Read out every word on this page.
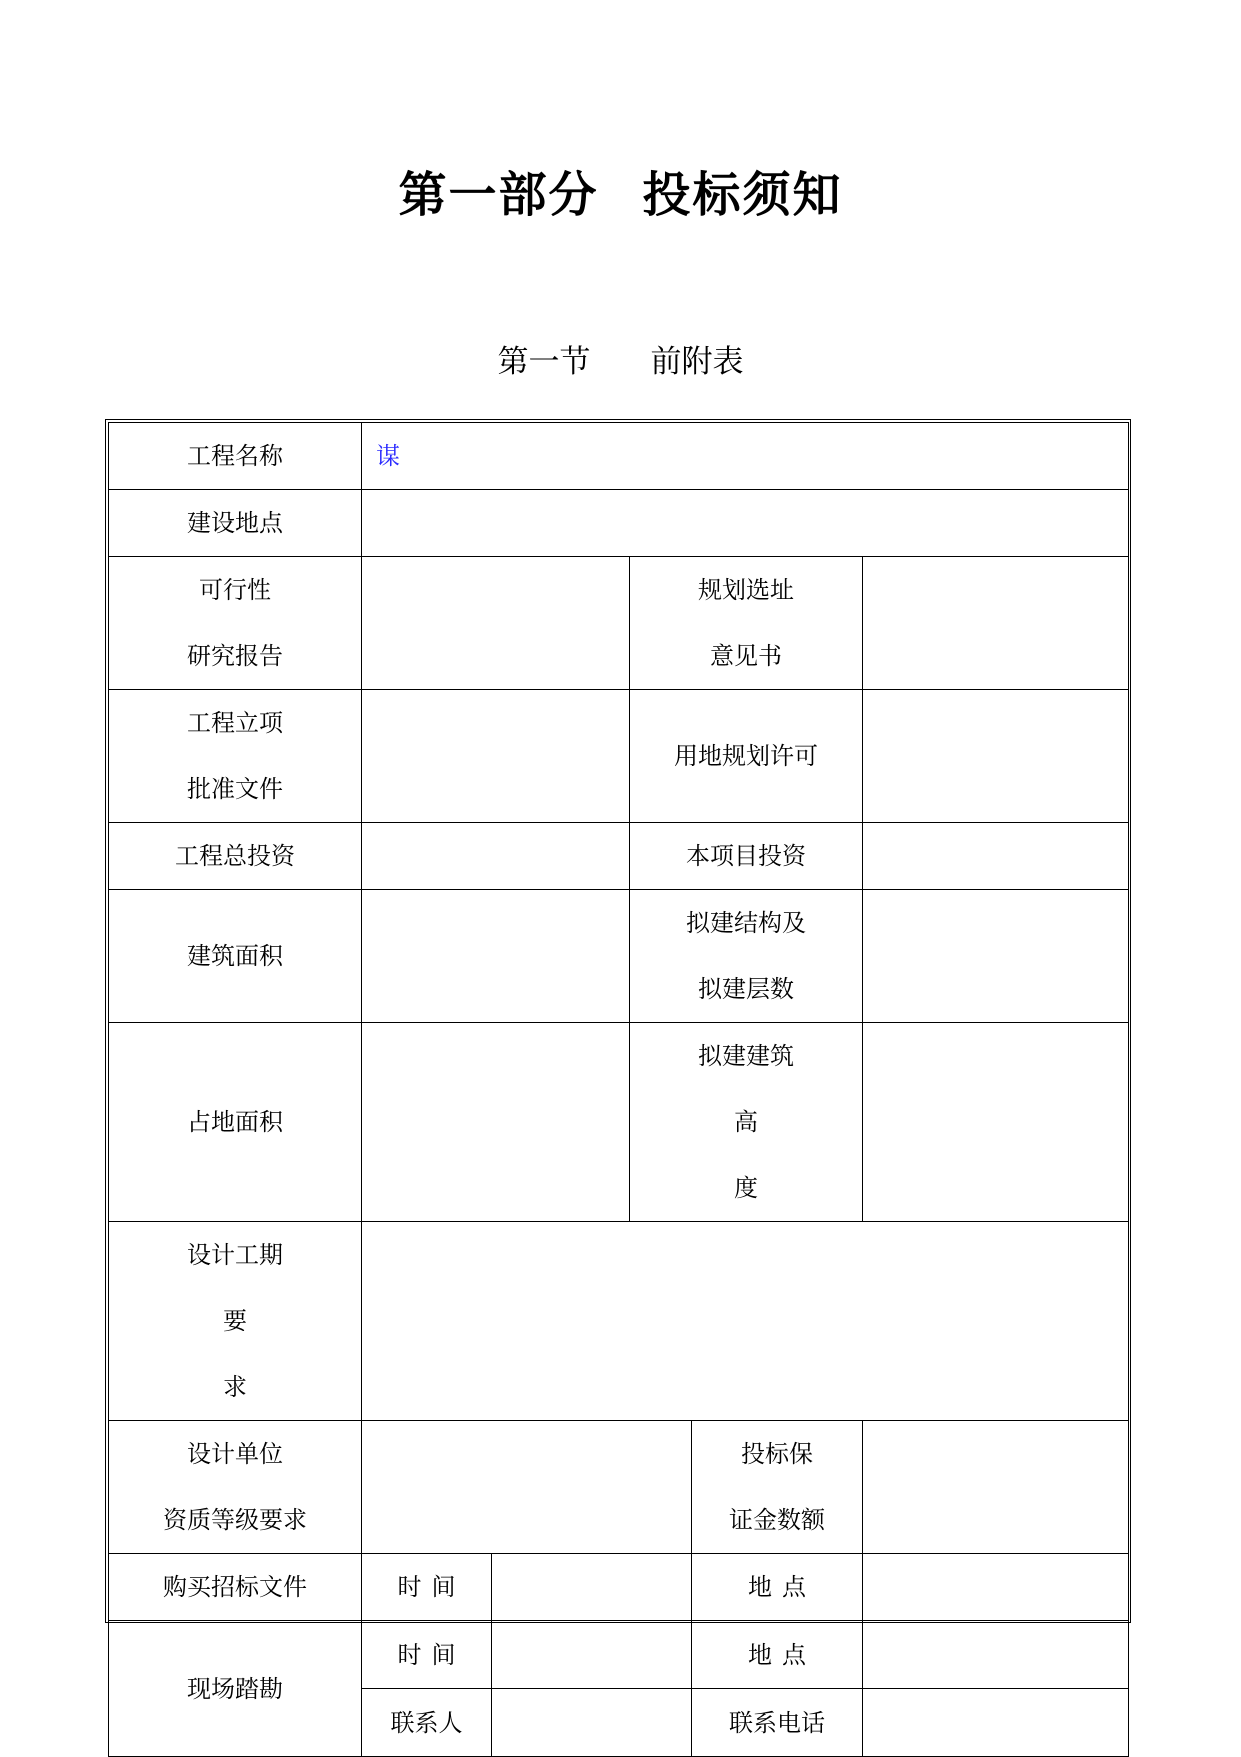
第一部分 投标须知
第一节 前附表
工程名称	谋				
建设地点					

可行性
研究报告			规划选址
意见书		

工程立项
批准文件			用地规划许可		
工程总投资			本项目投资		
建筑面积			拟建结构及
拟建层数		

占地面积			拟建建筑
高
度		

设计工期
要
求					

设计单位
资质等级要求				投标保
证金数额	

购买招标文件	时 间			地 点	
现场踏勘	时 间			地 点	
	联系人			联系电话	
